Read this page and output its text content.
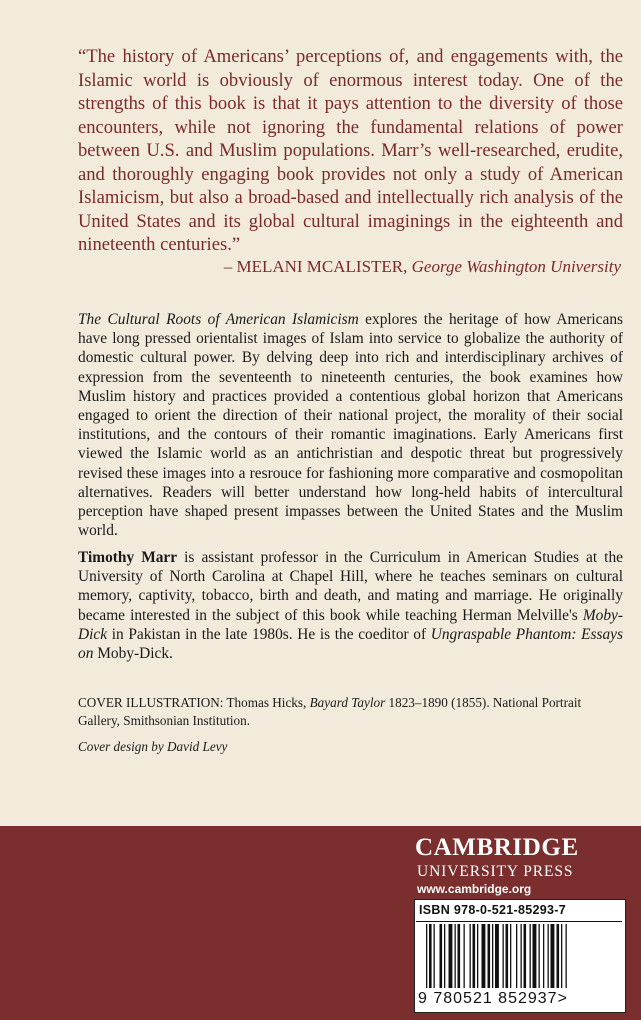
“The history of Americans’ perceptions of, and engagements with, the Islamic world is obviously of enormous interest today. One of the strengths of this book is that it pays attention to the diversity of those encounters, while not ignoring the fundamental relations of power between U.S. and Muslim populations. Marr’s well-researched, erudite, and thoroughly engaging book provides not only a study of American Islamicism, but also a broad-based and intellectually rich analysis of the United States and its global cultural imaginings in the eighteenth and nineteenth centuries.”

– MELANI MCALISTER, George Washington University

The Cultural Roots of American Islamicism explores the heritage of how Americans have long pressed orientalist images of Islam into service to globalize the authority of domestic cultural power. By delving deep into rich and interdisciplinary archives of expression from the seventeenth to nineteenth centuries, the book examines how Muslim history and practices provided a contentious global horizon that Americans engaged to orient the direction of their national project, the morality of their social institutions, and the contours of their romantic imaginations. Early Americans first viewed the Islamic world as an antichristian and despotic threat but progressively revised these images into a resrouce for fashioning more comparative and cosmopolitan alternatives. Readers will better understand how long-held habits of intercultural perception have shaped present impasses between the United States and the Muslim world.

Timothy Marr is assistant professor in the Curriculum in American Studies at the University of North Carolina at Chapel Hill, where he teaches seminars on cultural memory, captivity, tobacco, birth and death, and mating and marriage. He originally became interested in the subject of this book while teaching Herman Melville's Moby-Dick in Pakistan in the late 1980s. He is the coeditor of Ungraspable Phantom: Essays on Moby-Dick.

COVER ILLUSTRATION: Thomas Hicks, Bayard Taylor 1823–1890 (1855). National Portrait Gallery, Smithsonian Institution.

Cover design by David Levy

CAMBRIDGE
UNIVERSITY PRESS
www.cambridge.org
ISBN 978-0-521-85293-7
9 780521 852937>
